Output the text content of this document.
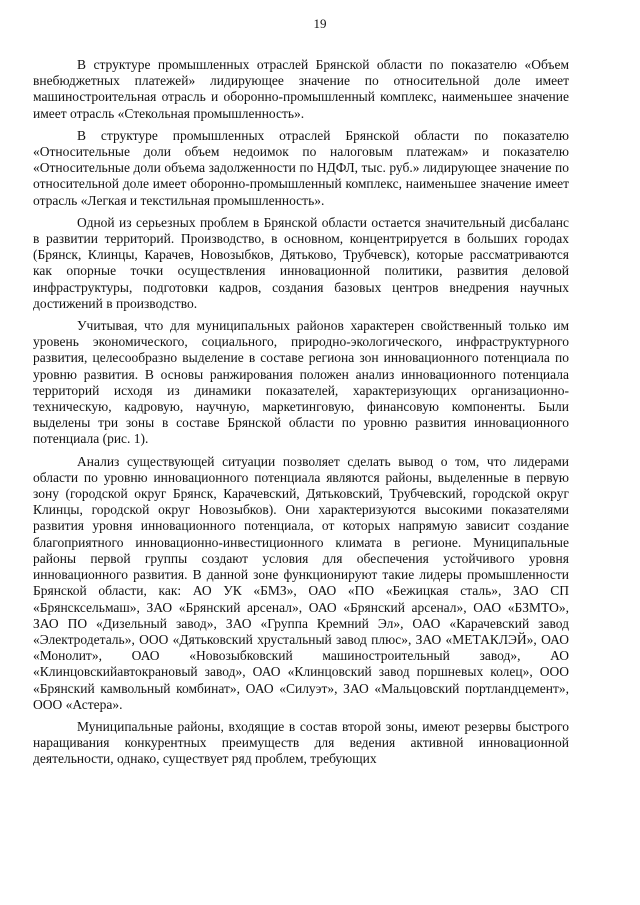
19

В структуре промышленных отраслей Брянской области по показателю «Объем внебюджетных платежей» лидирующее значение по относительной доле имеет машиностроительная отрасль и оборонно-промышленный комплекс, наименьшее значение имеет отрасль «Стекольная промышленность».

В структуре промышленных отраслей Брянской области по показателю «Относительные доли объем недоимок по налоговым платежам» и показателю «Относительные доли объема задолженности по НДФЛ, тыс. руб.» лидирующее значение по относительной доле имеет оборонно-промышленный комплекс, наименьшее значение имеет отрасль «Легкая и текстильная промышленность».

Одной из серьезных проблем в Брянской области остается значительный дисбаланс в развитии территорий. Производство, в основном, концентрируется в больших городах (Брянск, Клинцы, Карачев, Новозыбков, Дятьково, Трубчевск), которые рассматриваются как опорные точки осуществления инновационной политики, развития деловой инфраструктуры, подготовки кадров, создания базовых центров внедрения научных достижений в производство.

Учитывая, что для муниципальных районов характерен свойственный только им уровень экономического, социального, природно-экологического, инфраструктурного развития, целесообразно выделение в составе региона зон инновационного потенциала по уровню развития. В основы ранжирования положен анализ инновационного потенциала территорий исходя из динамики показателей, характеризующих организационно-техническую, кадровую, научную, маркетинговую, финансовую компоненты. Были выделены три зоны в составе Брянской области по уровню развития инновационного потенциала (рис. 1).

Анализ существующей ситуации позволяет сделать вывод о том, что лидерами области по уровню инновационного потенциала являются районы, выделенные в первую зону (городской округ Брянск, Карачевский, Дятьковский, Трубчевский, городской округ Клинцы, городской округ Новозыбков). Они характеризуются высокими показателями развития уровня инновационного потенциала, от которых напрямую зависит создание благоприятного инновационно-инвестиционного климата в регионе. Муниципальные районы первой группы создают условия для обеспечения устойчивого уровня инновационного развития. В данной зоне функционируют такие лидеры промышленности Брянской области, как: АО УК «БМЗ», ОАО «ПО «Бежицкая сталь», ЗАО СП «Брянсксельмаш», ЗАО «Брянский арсенал», ОАО «Брянский арсенал», ОАО «БЗМТО», ЗАО ПО «Дизельный завод», ЗАО «Группа Кремний Эл», ОАО «Карачевский завод «Электродеталь», ООО «Дятьковский хрустальный завод плюс», ЗАО «МЕТАКЛЭЙ», ОАО «Монолит», ОАО «Новозыбковский машиностроительный завод», АО «Клинцовскийавтокрановый завод», ОАО «Клинцовский завод поршневых колец», ООО «Брянский камвольный комбинат», ОАО «Силуэт», ЗАО «Мальцовский портландцемент», ООО «Астера».

Муниципальные районы, входящие в состав второй зоны, имеют резервы быстрого наращивания конкурентных преимуществ для ведения активной инновационной деятельности, однако, существует ряд проблем, требующих
